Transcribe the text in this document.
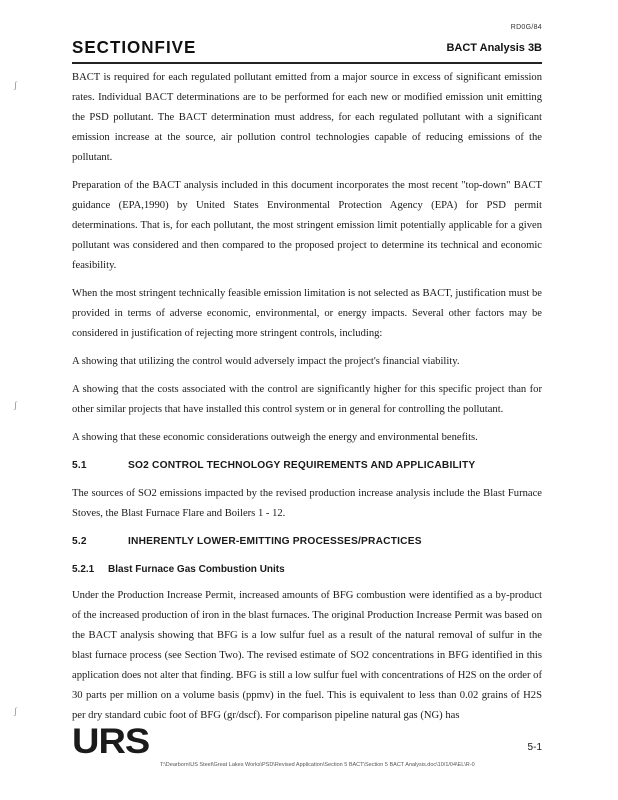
RD0G/84
SECTIONFIVE	BACT Analysis 3B
ʃ
ʃ
ʃ

BACT is required for each regulated pollutant emitted from a major source in excess of significant emission rates. Individual BACT determinations are to be performed for each new or modified emission unit emitting the PSD pollutant. The BACT determination must address, for each regulated pollutant with a significant emission increase at the source, air pollution control technologies capable of reducing emissions of the pollutant.

Preparation of the BACT analysis included in this document incorporates the most recent "top-down" BACT guidance (EPA,1990) by United States Environmental Protection Agency (EPA) for PSD permit determinations. That is, for each pollutant, the most stringent emission limit potentially applicable for a given pollutant was considered and then compared to the proposed project to determine its technical and economic feasibility.

When the most stringent technically feasible emission limitation is not selected as BACT, justification must be provided in terms of adverse economic, environmental, or energy impacts. Several other factors may be considered in justification of rejecting more stringent controls, including:

A showing that utilizing the control would adversely impact the project's financial viability.

A showing that the costs associated with the control are significantly higher for this specific project than for other similar projects that have installed this control system or in general for controlling the pollutant.

A showing that these economic considerations outweigh the energy and environmental benefits.

5.1	SO2 CONTROL TECHNOLOGY REQUIREMENTS AND APPLICABILITY

The sources of SO2 emissions impacted by the revised production increase analysis include the Blast Furnace Stoves, the Blast Furnace Flare and Boilers 1 - 12.

5.2	INHERENTLY LOWER-EMITTING PROCESSES/PRACTICES
5.2.1	Blast Furnace Gas Combustion Units

Under the Production Increase Permit, increased amounts of BFG combustion were identified as a by-product of the increased production of iron in the blast furnaces. The original Production Increase Permit was based on the BACT analysis showing that BFG is a low sulfur fuel as a result of the natural removal of sulfur in the blast furnace process (see Section Two). The revised estimate of SO2 concentrations in BFG identified in this application does not alter that finding. BFG is still a low sulfur fuel with concentrations of H2S on the order of 30 parts per million on a volume basis (ppmv) in the fuel. This is equivalent to less than 0.02 grains of H2S per dry standard cubic foot of BFG (gr/dscf). For comparison pipeline natural gas (NG) has

URS	5-1
T:\Dearborn\US Steel\Great Lakes Works\PSD\Revised Application\Section 5 BACT\Section 5 BACT Analysis.doc\10/1/04\EL\R-0
